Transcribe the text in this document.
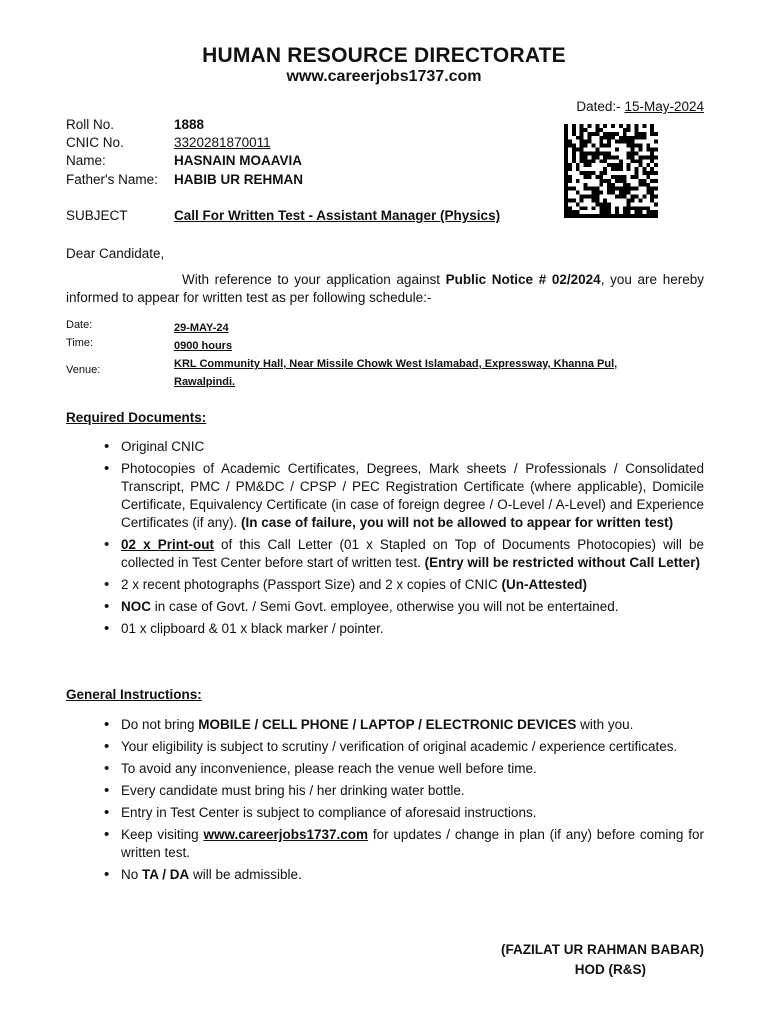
HUMAN RESOURCE DIRECTORATE
www.careerjobs1737.com
Dated:- 15-May-2024
Roll No.	1888
CNIC No.	3320281870011
Name:	HASNAIN MOAAVIA
Father's Name: HABIB UR REHMAN
SUBJECT	Call For Written Test - Assistant Manager (Physics)
Dear Candidate,
With reference to your application against Public Notice # 02/2024, you are hereby informed to appear for written test as per following schedule:-
Date:	29-MAY-24
Time:	0900 hours
Venue:	KRL Community Hall, Near Missile Chowk West Islamabad, Expressway, Khanna Pul, Rawalpindi.
Required Documents:
• Original CNIC
• Photocopies of Academic Certificates, Degrees, Mark sheets / Professionals / Consolidated Transcript, PMC / PM&DC / CPSP / PEC Registration Certificate (where applicable), Domicile Certificate, Equivalency Certificate (in case of foreign degree / O-Level / A-Level) and Experience Certificates (if any). (In case of failure, you will not be allowed to appear for written test)
• 02 x Print-out of this Call Letter (01 x Stapled on Top of Documents Photocopies) will be collected in Test Center before start of written test. (Entry will be restricted without Call Letter)
• 2 x recent photographs (Passport Size) and 2 x copies of CNIC (Un-Attested)
• NOC in case of Govt. / Semi Govt. employee, otherwise you will not be entertained.
• 01 x clipboard & 01 x black marker / pointer.
General Instructions:
• Do not bring MOBILE / CELL PHONE / LAPTOP / ELECTRONIC DEVICES with you.
• Your eligibility is subject to scrutiny / verification of original academic / experience certificates.
• To avoid any inconvenience, please reach the venue well before time.
• Every candidate must bring his / her drinking water bottle.
• Entry in Test Center is subject to compliance of aforesaid instructions.
• Keep visiting www.careerjobs1737.com for updates / change in plan (if any) before coming for written test.
• No TA / DA will be admissible.
(FAZILAT UR RAHMAN BABAR)

HOD (R&S)
